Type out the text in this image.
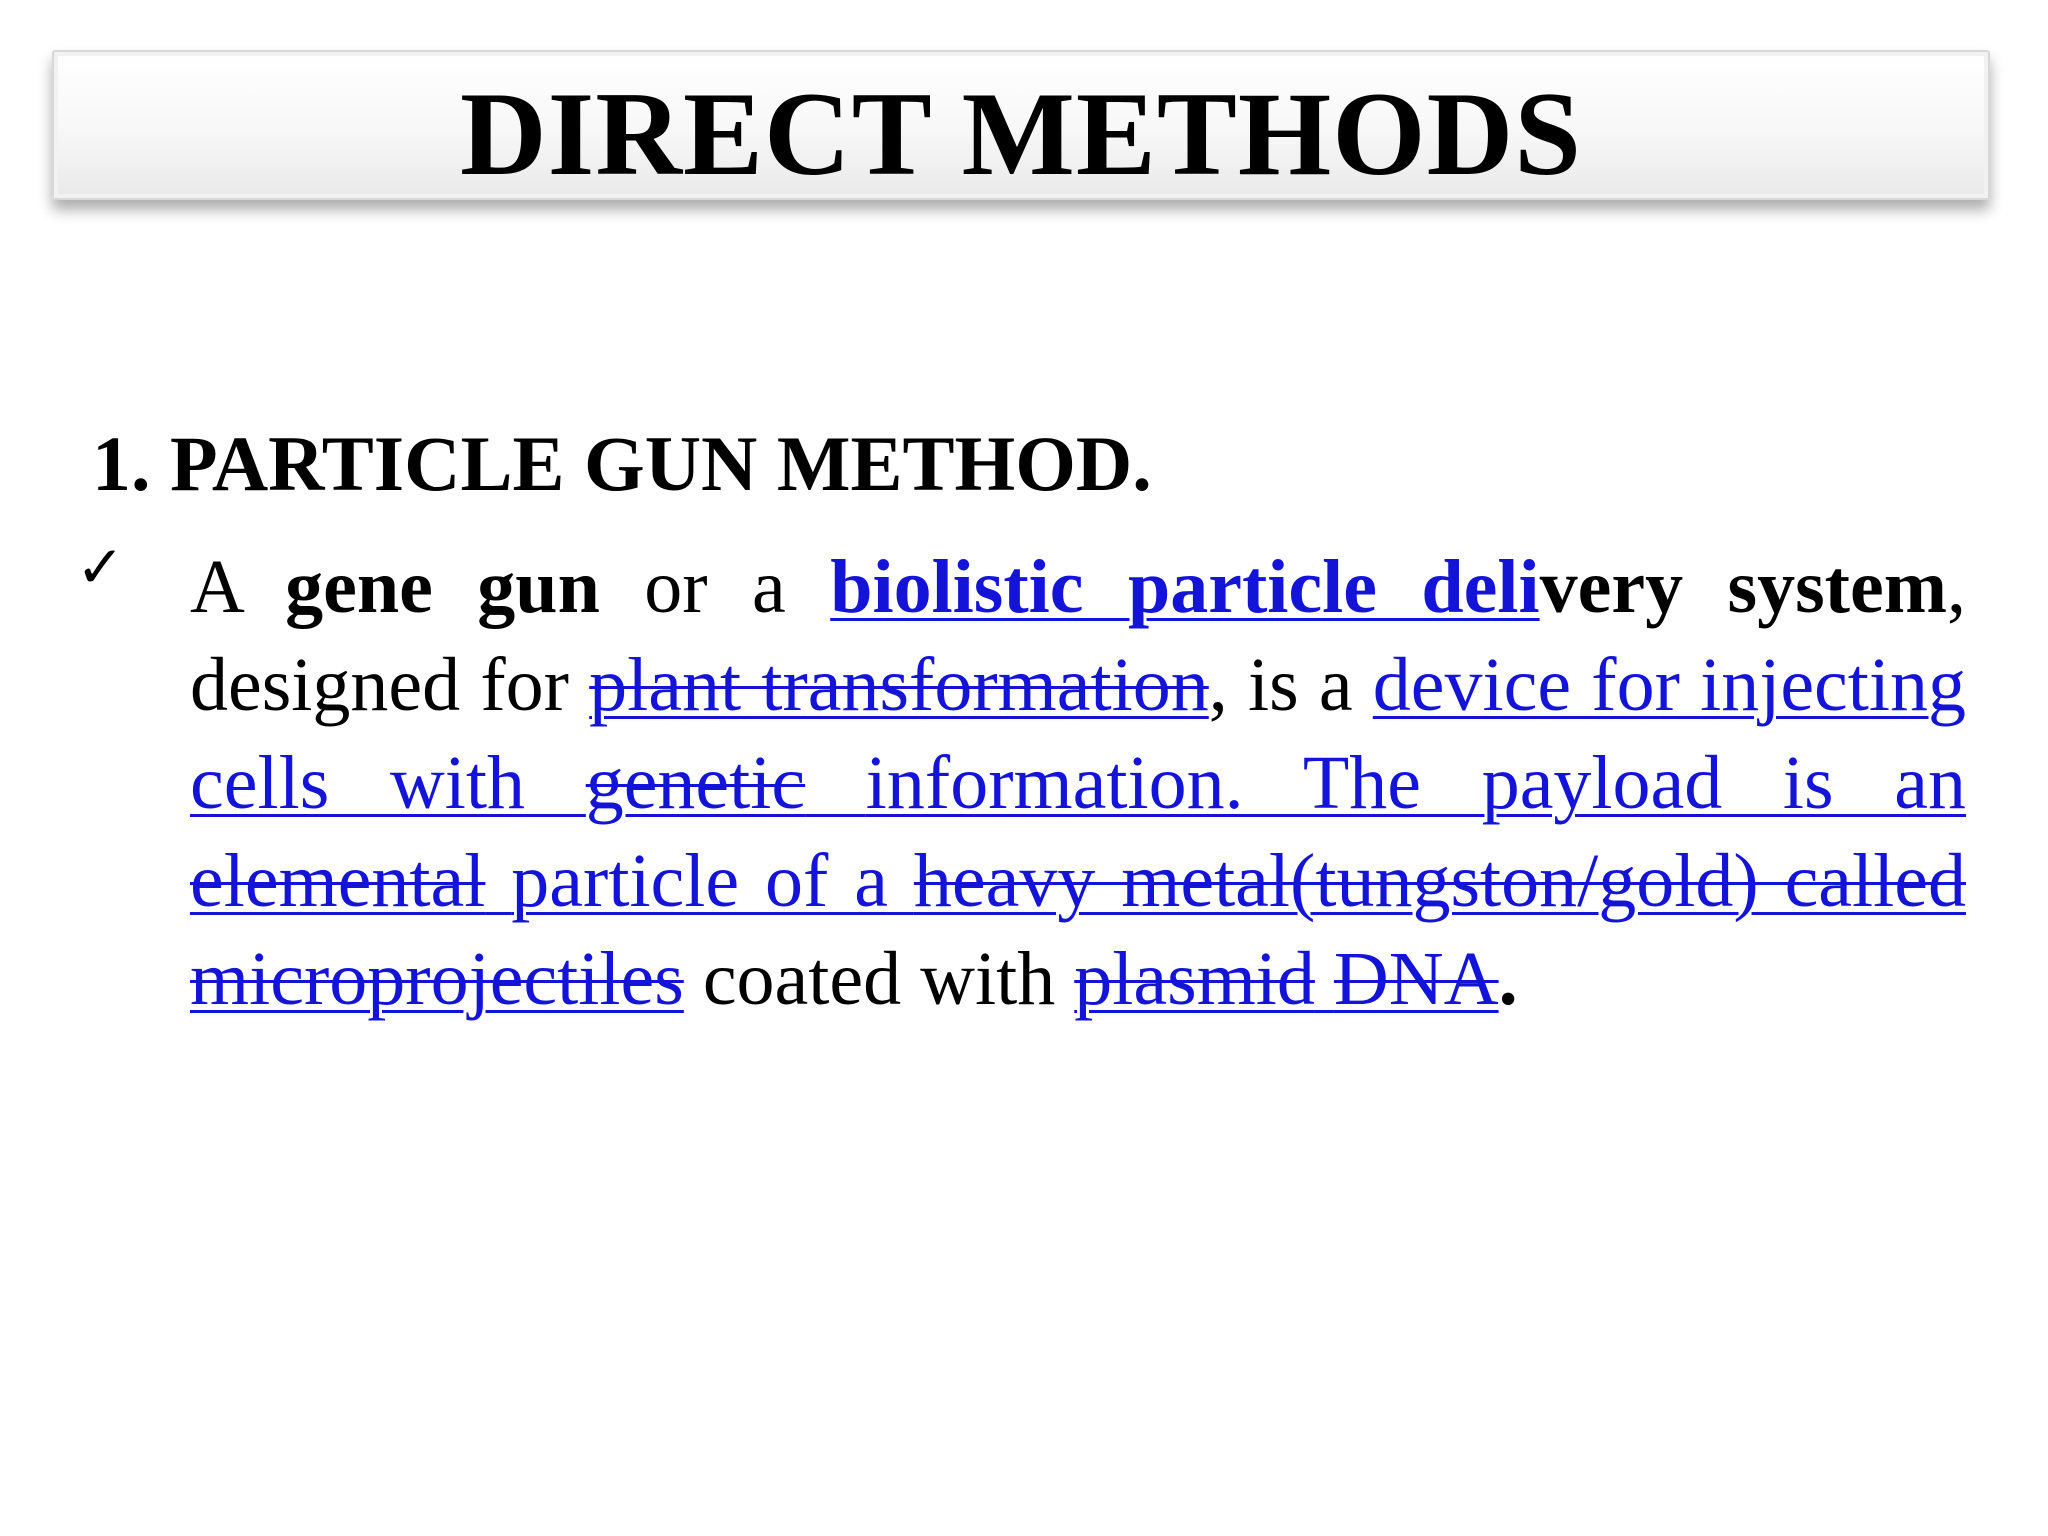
DIRECT METHODS
1. PARTICLE GUN METHOD.
✓ A gene gun or a biolistic particle delivery system, designed for plant transformation, is a device for injecting cells with genetic information. The payload is an elemental particle of a heavy metal(tungston/gold) called microprojectiles coated with plasmid DNA.
